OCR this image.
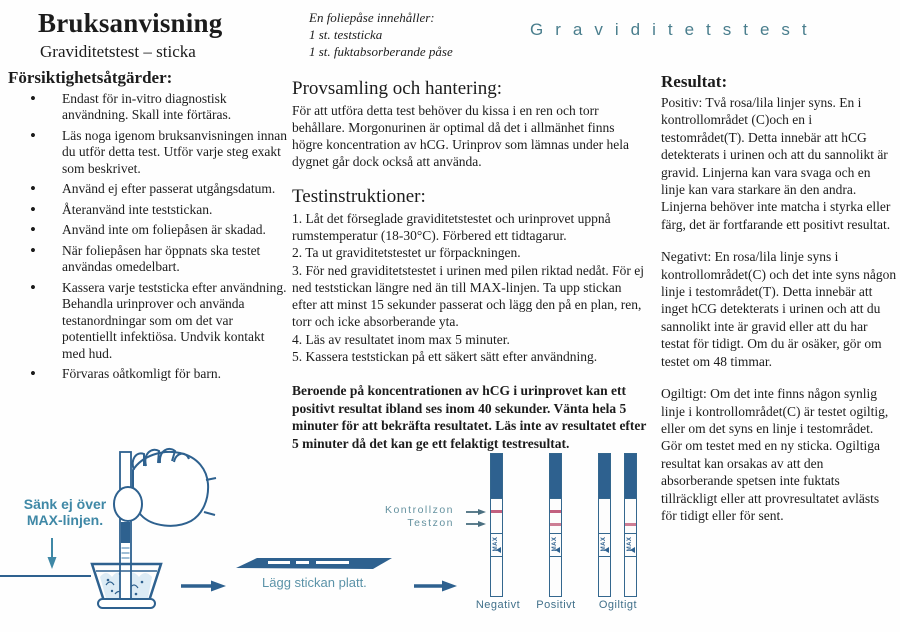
Bruksanvisning
Graviditetstest – sticka
Försiktighetsåtgärder:
• Endast för in-vitro diagnostisk användning. Skall inte förtäras.
• Läs noga igenom bruksanvisningen innan du utför detta test. Utför varje steg exakt som beskrivet.
• Använd ej efter passerat utgångsdatum.
• Återanvänd inte teststickan.
• Använd inte om foliepåsen är skadad.
• När foliepåsen har öppnats ska testet användas omedelbart.
• Kassera varje teststicka efter användning. Behandla urinprover och använda testanordningar som om det var potentiellt infektiösa. Undvik kontakt med hud.
• Förvaras oåtkomligt för barn.
En foliepåse innehåller:
1 st. teststicka
1 st. fuktabsorberande påse
Provsamling och hantering:

För att utföra detta test behöver du kissa i en ren och torr behållare. Morgonurinen är optimal då det i allmänhet finns högre koncentration av hCG. Urinprov som lämnas under hela dygnet går dock också att använda.

Testinstruktioner:
1. Låt det förseglade graviditetstestet och urinprovet uppnå rumstemperatur (18-30°C). Förbered ett tidtagarur.
2. Ta ut graviditetstestet ur förpackningen.
3. För ned graviditetstestet i urinen med pilen riktad nedåt. För ej ned teststickan längre ned än till MAX-linjen. Ta upp stickan efter att minst 15 sekunder passerat och lägg den på en plan, ren, torr och icke absorberande yta.
4. Läs av resultatet inom max 5 minuter.
5. Kassera teststickan på ett säkert sätt efter användning.
Beroende på koncentrationen av hCG i urinprovet kan ett positivt resultat ibland ses inom 40 sekunder. Vänta hela 5 minuter för att bekräfta resultatet. Läs inte av resultatet efter 5 minuter då det kan ge ett felaktigt testresultat.
Resultat:

Positiv: Två rosa/lila linjer syns. En i kontrollområdet (C)och en i testområdet(T). Detta innebär att hCG detekterats i urinen och att du sannolikt är gravid. Linjerna kan vara svaga och en linje kan vara starkare än den andra. Linjerna behöver inte matcha i styrka eller färg, det är fortfarande ett positivt resultat.

Negativt: En rosa/lila linje syns i kontrollområdet(C) och det inte syns någon linje i testområdet(T). Detta innebär att inget hCG detekterats i urinen och att du sannolikt inte är gravid eller att du har testat för tidigt. Om du är osäker, gör om testet om 48 timmar.

Ogiltigt: Om det inte finns någon synlig linje i kontrollområdet(C) är testet ogiltig, eller om det syns en linje i testområdet. Gör om testet med en ny sticka. Ogiltiga resultat kan orsakas av att den absorberande spetsen inte fuktats tillräckligt eller att provresultatet avlästs för tidigt eller för sent.

Graviditetstest
Sänk ej över
MAX-linjen.
Lägg stickan platt.
Kontrollzon
Testzon
MAX	MAX	MAX	MAX
Negativt	Positivt	Ogiltigt
